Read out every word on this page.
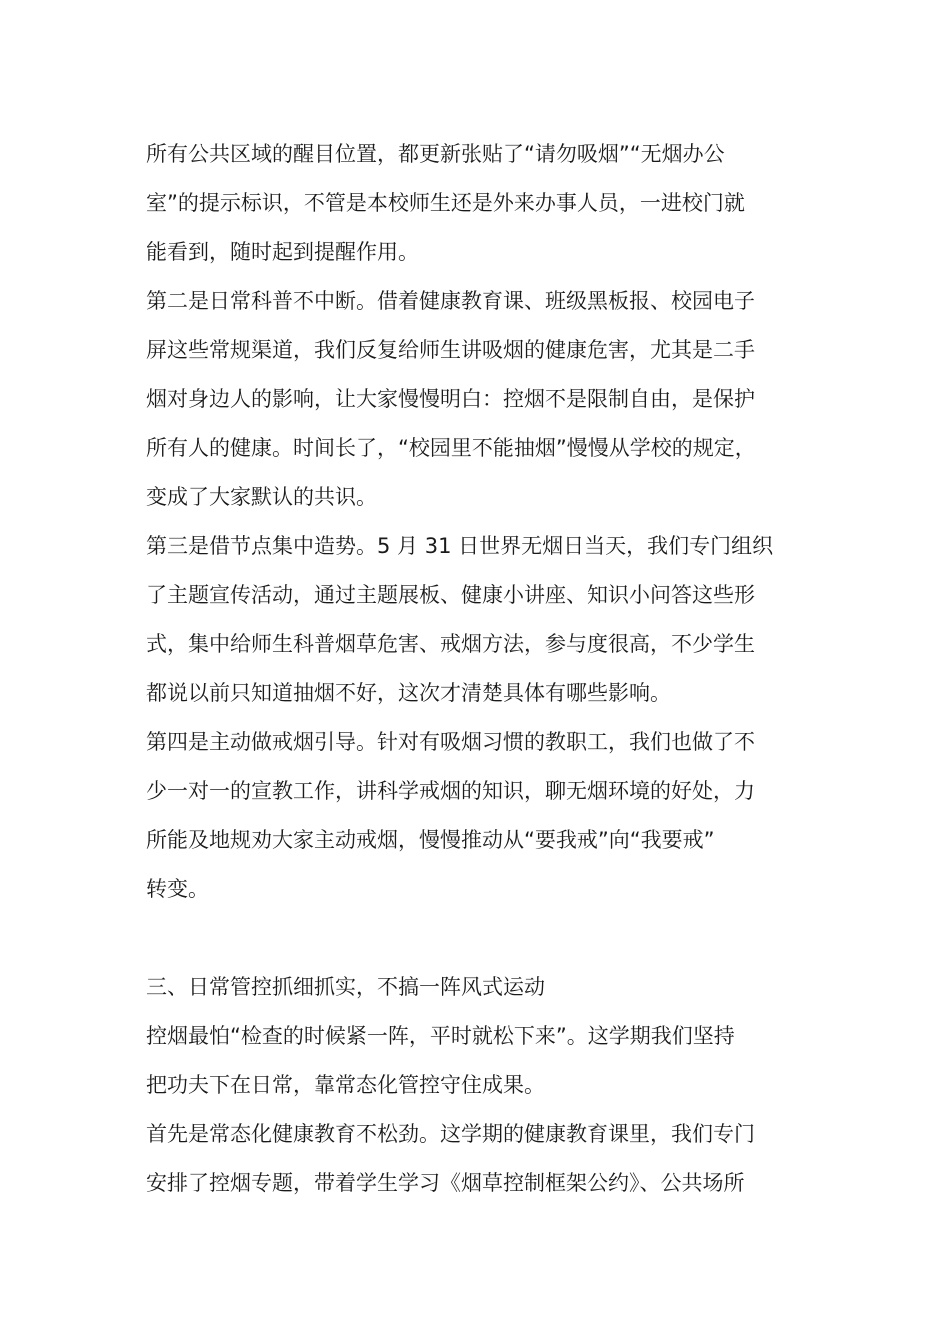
所有公共区域的醒目位置，都更新张贴了“请勿吸烟”“无烟办公
室”的提示标识，不管是本校师生还是外来办事人员，一进校门就
能看到，随时起到提醒作用。
第二是日常科普不中断。借着健康教育课、班级黑板报、校园电子
屏这些常规渠道，我们反复给师生讲吸烟的健康危害，尤其是二手
烟对身边人的影响，让大家慢慢明白：控烟不是限制自由，是保护
所有人的健康。时间长了，“校园里不能抽烟”慢慢从学校的规定，
变成了大家默认的共识。
第三是借节点集中造势。5 月 31 日世界无烟日当天，我们专门组织
了主题宣传活动，通过主题展板、健康小讲座、知识小问答这些形
式，集中给师生科普烟草危害、戒烟方法，参与度很高，不少学生
都说以前只知道抽烟不好，这次才清楚具体有哪些影响。
第四是主动做戒烟引导。针对有吸烟习惯的教职工，我们也做了不
少一对一的宣教工作，讲科学戒烟的知识，聊无烟环境的好处，力
所能及地规劝大家主动戒烟，慢慢推动从“要我戒”向“我要戒”
转变。
三、日常管控抓细抓实，不搞一阵风式运动
控烟最怕“检查的时候紧一阵，平时就松下来”。这学期我们坚持
把功夫下在日常，靠常态化管控守住成果。
首先是常态化健康教育不松劲。这学期的健康教育课里，我们专门
安排了控烟专题，带着学生学习《烟草控制框架公约》、公共场所
